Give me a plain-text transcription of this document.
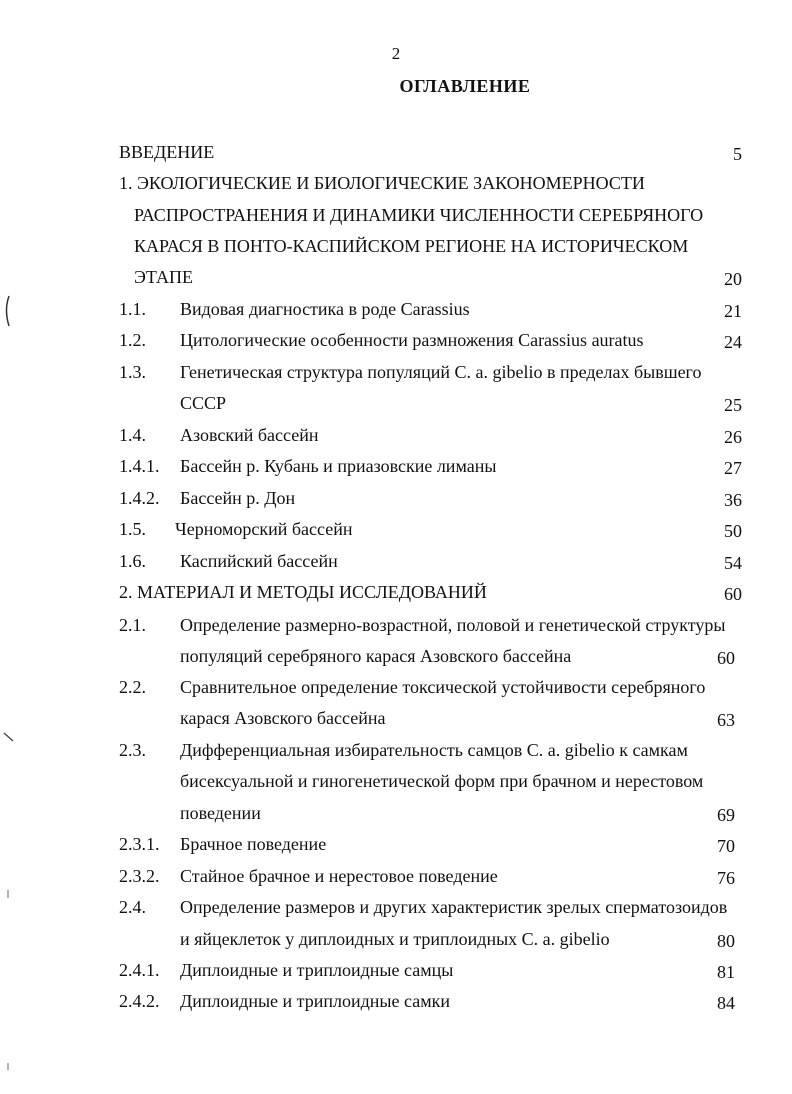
2
ОГЛАВЛЕНИЕ
ВВЕДЕНИЕ	5
1. ЭКОЛОГИЧЕСКИЕ И БИОЛОГИЧЕСКИЕ ЗАКОНОМЕРНОСТИ
РАСПРОСТРАНЕНИЯ И ДИНАМИКИ ЧИСЛЕННОСТИ СЕРЕБРЯНОГО
КАРАСЯ В ПОНТО-КАСПИЙСКОМ РЕГИОНЕ НА ИСТОРИЧЕСКОМ
ЭТАПЕ	20
1.1. Видовая диагностика в роде Carassius	21
1.2. Цитологические особенности размножения Carassius auratus	24
1.3. Генетическая структура популяций C. a. gibelio в пределах бывшего
СССР	25
1.4. Азовский бассейн	26
1.4.1. Бассейн р. Кубань и приазовские лиманы	27
1.4.2. Бассейн р. Дон	36
1.5. Черноморский бассейн	50
1.6. Каспийский бассейн	54
2. МАТЕРИАЛ И МЕТОДЫ ИССЛЕДОВАНИЙ	60
2.1. Определение размерно-возрастной, половой и генетической структуры
популяций серебряного карася Азовского бассейна	60
2.2. Сравнительное определение токсической устойчивости серебряного
карася Азовского бассейна	63
2.3. Дифференциальная избирательность самцов C. a. gibelio к самкам
бисексуальной и гиногенетической форм при брачном и нерестовом
поведении	69
2.3.1. Брачное поведение	70
2.3.2. Стайное брачное и нерестовое поведение	76
2.4. Определение размеров и других характеристик зрелых сперматозоидов
и яйцеклеток у диплоидных и триплоидных C. a. gibelio	80
2.4.1. Диплоидные и триплоидные самцы	81
2.4.2. Диплоидные и триплоидные самки	84
